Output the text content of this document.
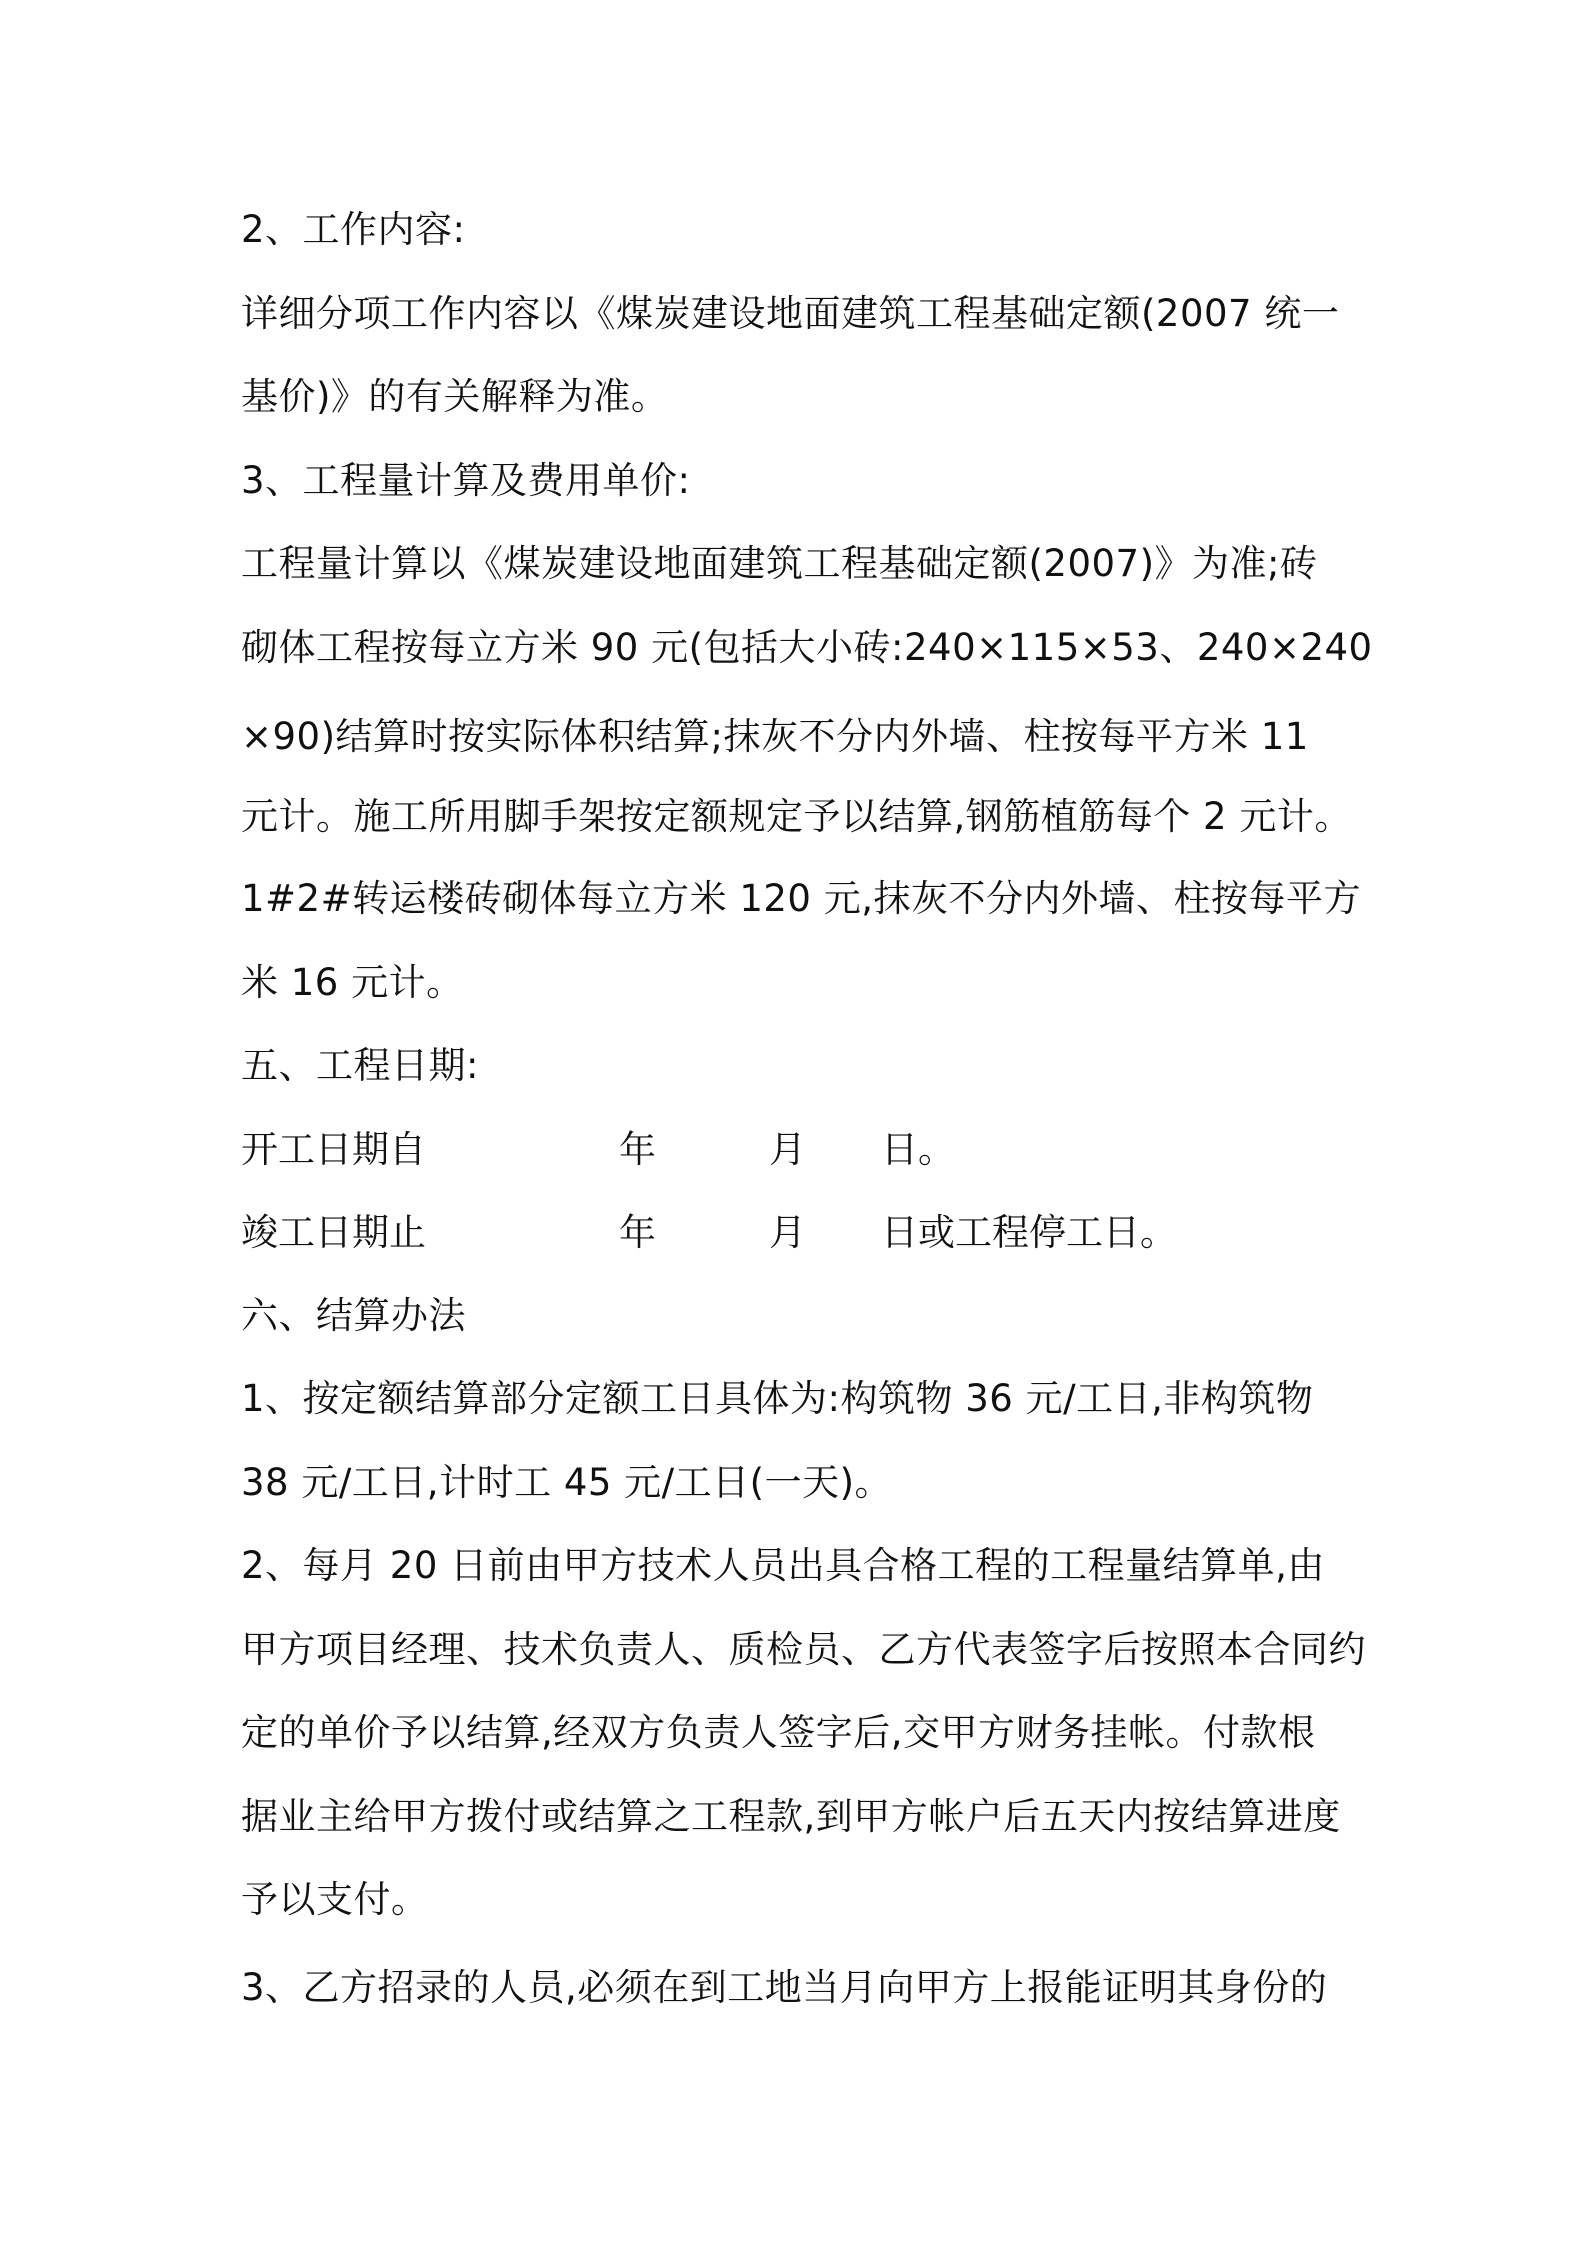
2、工作内容:
详细分项工作内容以《煤炭建设地面建筑工程基础定额(2007 统一
基价)》的有关解释为准。
3、工程量计算及费用单价:
工程量计算以《煤炭建设地面建筑工程基础定额(2007)》为准;砖
砌体工程按每立方米 90 元(包括大小砖:240×115×53、240×240
×90)结算时按实际体积结算;抹灰不分内外墙、柱按每平方米 11
元计。施工所用脚手架按定额规定予以结算,钢筋植筋每个 2 元计。
1#2#转运楼砖砌体每立方米 120 元,抹灰不分内外墙、柱按每平方
米 16 元计。
五、工程日期:
开工日期自	年	月 日。
竣工日期止	年	月 日或工程停工日。
六、结算办法
1、按定额结算部分定额工日具体为:构筑物 36 元/工日,非构筑物
38 元/工日,计时工 45 元/工日(一天)。
2、每月 20 日前由甲方技术人员出具合格工程的工程量结算单,由
甲方项目经理、技术负责人、质检员、乙方代表签字后按照本合同约
定的单价予以结算,经双方负责人签字后,交甲方财务挂帐。付款根
据业主给甲方拨付或结算之工程款,到甲方帐户后五天内按结算进度
予以支付。
3、乙方招录的人员,必须在到工地当月向甲方上报能证明其身份的
